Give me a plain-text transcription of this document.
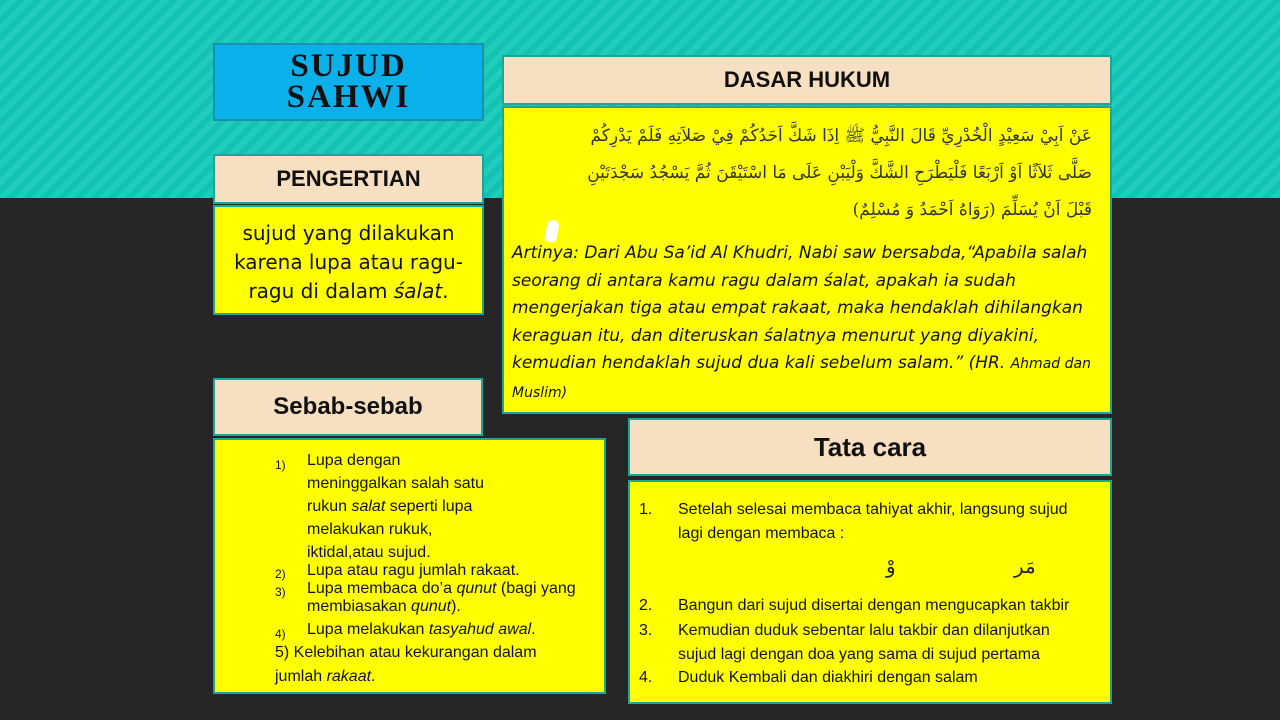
SUJUD
SAHWI
PENGERTIAN
sujud yang dilakukan
karena lupa atau ragu-
ragu di dalam śalat.
DASAR HUKUM
عَنْ اَبِيْ سَعِيْدٍ الْخُدْرِيِّ قَالَ النَّبِيُّ ﷺ اِذَا شَكَّ اَحَدُكُمْ فِيْ صَلاَتِهِ فَلَمْ يَدْرِكُمْ
صَلَّى ثَلاَثًا اَوْ اَرْبَعًا فَلْيَطْرَحِ الشَّكَّ وَلْيَبْنِ عَلَى مَا اسْتَيْقَنَ ثُمَّ يَسْجُدُ سَجْدَتَيْنِ
قَبْلَ اَنْ يُسَلِّمَ (رَوَاهُ اَحْمَدُ وَ مُسْلِمٌ)
Artinya: Dari Abu Sa’id Al Khudri, Nabi saw bersabda,“Apabila salah seorang di antara kamu ragu dalam śalat, apakah ia sudah mengerjakan tiga atau empat rakaat, maka hendaklah dihilangkan keraguan itu, dan diteruskan śalatnya menurut yang diyakini, kemudian hendaklah sujud dua kali sebelum salam.” (HR. Ahmad dan Muslim)
Sebab-sebab
1) Lupa dengan
meninggalkan salah satu
rukun salat seperti lupa
melakukan rukuk,
iktidal,atau sujud.
2) Lupa atau ragu jumlah rakaat.
3) Lupa membaca do’a qunut (bagi yang
membiasakan qunut).
4) Lupa melakukan tasyahud awal.
5) Kelebihan atau kekurangan dalam
jumlah rakaat.
Tata cara
1. Setelah selesai membaca tahiyat akhir, langsung sujud
lagi dengan membaca :
وْ	مَر
2. Bangun dari sujud disertai dengan mengucapkan takbir
3. Kemudian duduk sebentar lalu takbir dan dilanjutkan
sujud lagi dengan doa yang sama di sujud pertama
4. Duduk Kembali dan diakhiri dengan salam
